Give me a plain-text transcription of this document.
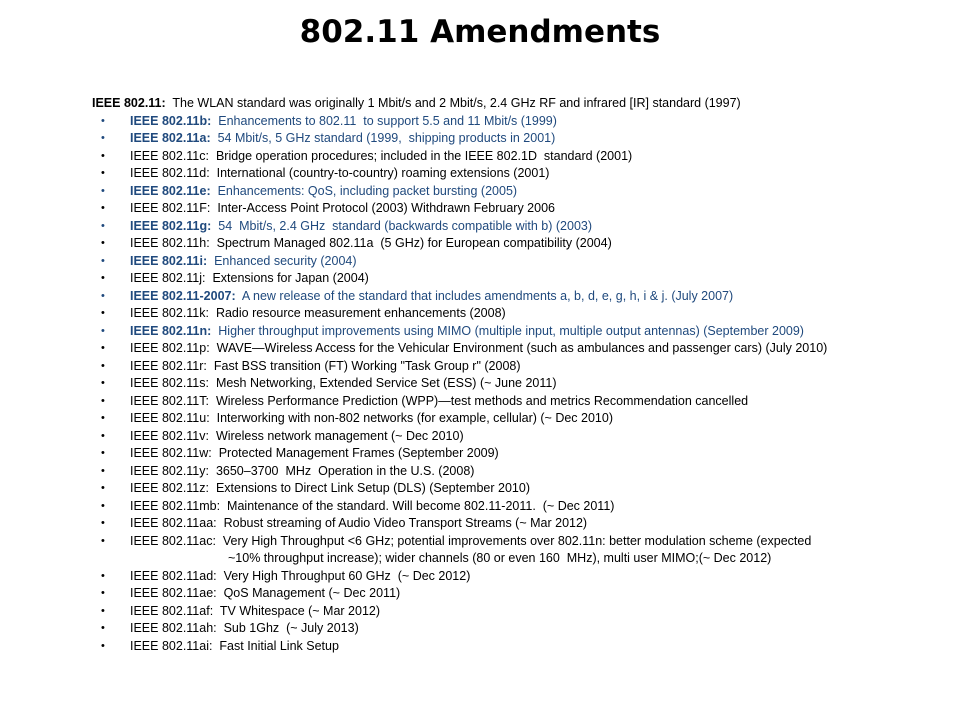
802.11 Amendments
IEEE 802.11:  The WLAN standard was originally 1 Mbit/s and 2 Mbit/s, 2.4 GHz RF and infrared [IR] standard (1997)
•	IEEE 802.11b:  Enhancements to 802.11  to support 5.5 and 11 Mbit/s (1999)
•	IEEE 802.11a:  54 Mbit/s, 5 GHz standard (1999,  shipping products in 2001)
•	IEEE 802.11c:  Bridge operation procedures; included in the IEEE 802.1D  standard (2001)
•	IEEE 802.11d:  International (country-to-country) roaming extensions (2001)
•	IEEE 802.11e:  Enhancements: QoS, including packet bursting (2005)
•	IEEE 802.11F:  Inter-Access Point Protocol (2003) Withdrawn February 2006
•	IEEE 802.11g:  54  Mbit/s, 2.4 GHz  standard (backwards compatible with b) (2003)
•	IEEE 802.11h:  Spectrum Managed 802.11a  (5 GHz) for European compatibility (2004)
•	IEEE 802.11i:  Enhanced security (2004)
•	IEEE 802.11j:  Extensions for Japan (2004)
•	IEEE 802.11-2007:  A new release of the standard that includes amendments a, b, d, e, g, h, i & j. (July 2007)
•	IEEE 802.11k:  Radio resource measurement enhancements (2008)
•	IEEE 802.11n:  Higher throughput improvements using MIMO (multiple input, multiple output antennas) (September 2009)
•	IEEE 802.11p:  WAVE—Wireless Access for the Vehicular Environment (such as ambulances and passenger cars) (July 2010)
•	IEEE 802.11r:  Fast BSS transition (FT) Working "Task Group r" (2008)
•	IEEE 802.11s:  Mesh Networking, Extended Service Set (ESS) (~ June 2011)
•	IEEE 802.11T:  Wireless Performance Prediction (WPP)—test methods and metrics Recommendation cancelled
•	IEEE 802.11u:  Interworking with non-802 networks (for example, cellular) (~ Dec 2010)
•	IEEE 802.11v:  Wireless network management (~ Dec 2010)
•	IEEE 802.11w:  Protected Management Frames (September 2009)
•	IEEE 802.11y:  3650–3700  MHz  Operation in the U.S. (2008)
•	IEEE 802.11z:  Extensions to Direct Link Setup (DLS) (September 2010)
•	IEEE 802.11mb:  Maintenance of the standard. Will become 802.11-2011.  (~ Dec 2011)
•	IEEE 802.11aa:  Robust streaming of Audio Video Transport Streams (~ Mar 2012)
•	IEEE 802.11ac:  Very High Throughput <6 GHz; potential improvements over 802.11n: better modulation scheme (expected
~10% throughput increase); wider channels (80 or even 160  MHz), multi user MIMO;(~ Dec 2012)
•	IEEE 802.11ad:  Very High Throughput 60 GHz  (~ Dec 2012)
•	IEEE 802.11ae:  QoS Management (~ Dec 2011)
•	IEEE 802.11af:  TV Whitespace (~ Mar 2012)
•	IEEE 802.11ah:  Sub 1Ghz  (~ July 2013)
•	IEEE 802.11ai:  Fast Initial Link Setup
